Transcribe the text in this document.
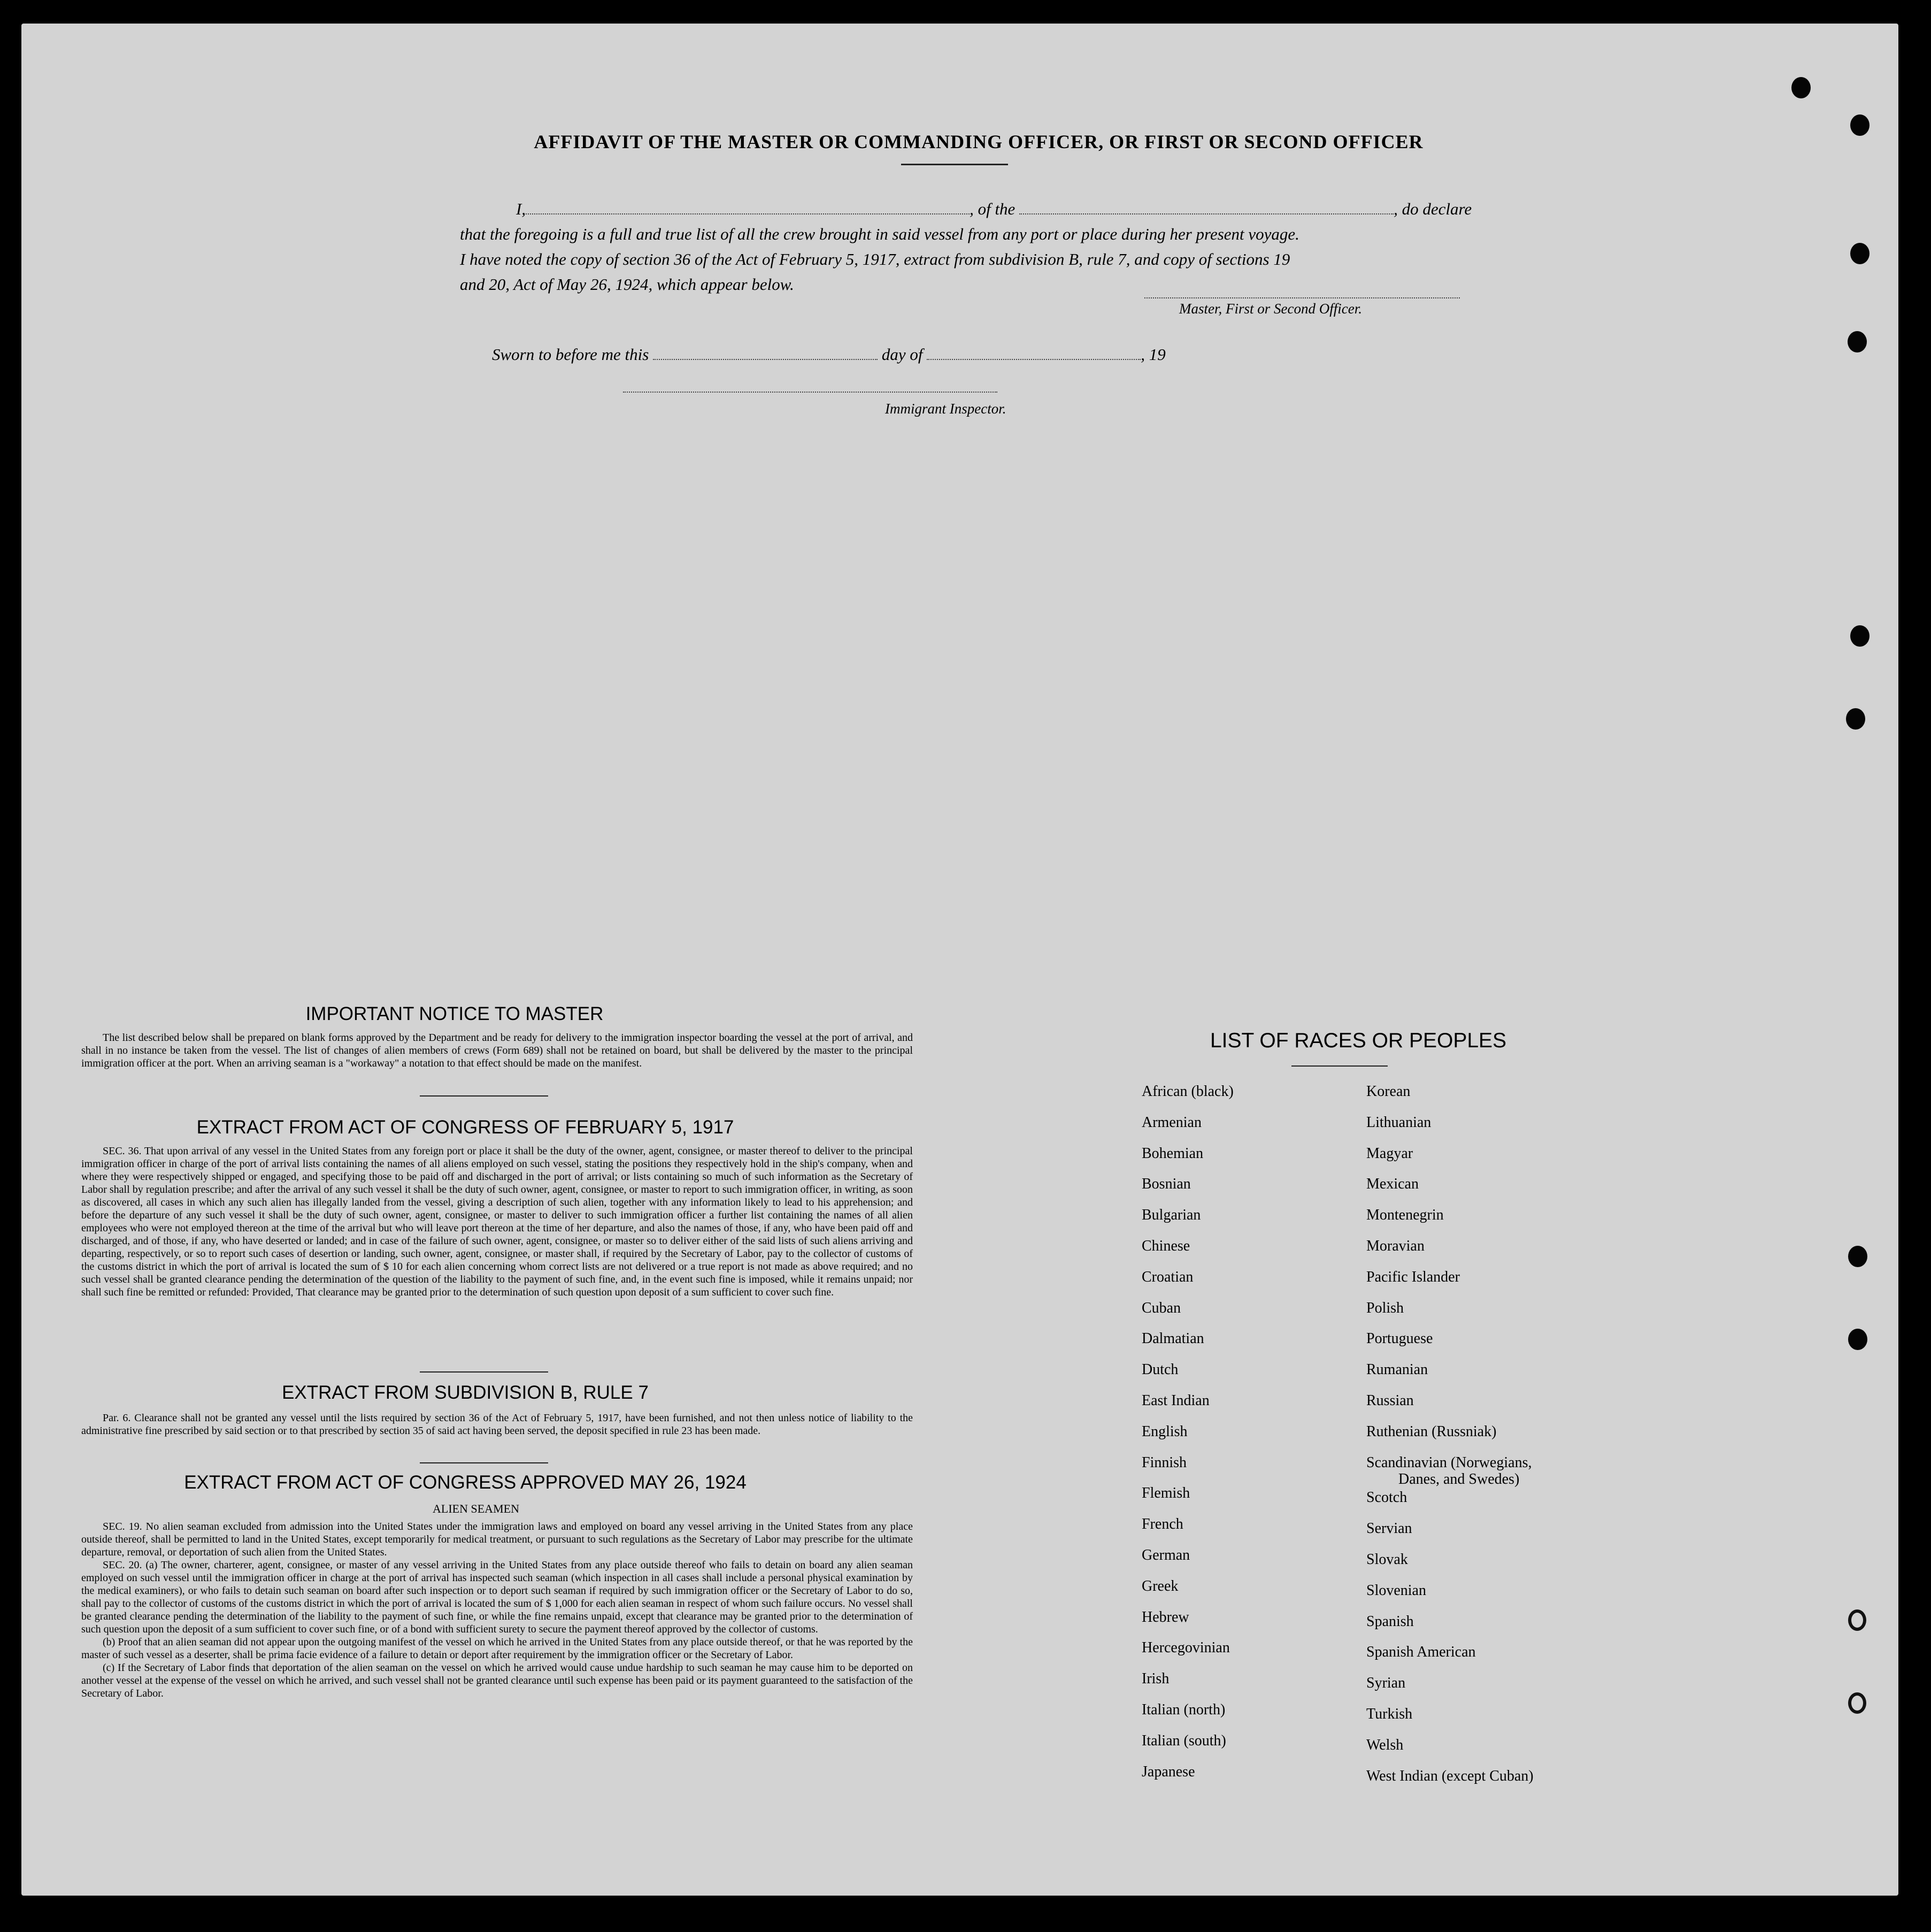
AFFIDAVIT OF THE MASTER OR COMMANDING OFFICER, OR FIRST OR SECOND OFFICER
I,	, of the	, do declare
that the foregoing is a full and true list of all the crew brought in said vessel from any port or place during her present voyage.
I have noted the copy of section 36 of the Act of February 5, 1917, extract from subdivision B, rule 7, and copy of sections 19
and 20, Act of May 26, 1924, which appear below.
Master, First or Second Officer.
Sworn to before me this	day of	, 19
Immigrant Inspector.
IMPORTANT NOTICE TO MASTER

The list described below shall be prepared on blank forms approved by the Department and be ready for delivery to the immigration inspector boarding the vessel at the port of arrival, and shall in no instance be taken from the vessel. The list of changes of alien members of crews (Form 689) shall not be retained on board, but shall be delivered by the master to the principal immigration officer at the port. When an arriving seaman is a "workaway" a notation to that effect should be made on the manifest.

EXTRACT FROM ACT OF CONGRESS OF FEBRUARY 5, 1917

SEC. 36. That upon arrival of any vessel in the United States from any foreign port or place it shall be the duty of the owner, agent, consignee, or master thereof to deliver to the principal immigration officer in charge of the port of arrival lists containing the names of all aliens employed on such vessel, stating the positions they respectively hold in the ship's company, when and where they were respectively shipped or engaged, and specifying those to be paid off and discharged in the port of arrival; or lists containing so much of such information as the Secretary of Labor shall by regulation prescribe; and after the arrival of any such vessel it shall be the duty of such owner, agent, consignee, or master to report to such immigration officer, in writing, as soon as discovered, all cases in which any such alien has illegally landed from the vessel, giving a description of such alien, together with any information likely to lead to his apprehension; and before the departure of any such vessel it shall be the duty of such owner, agent, consignee, or master to deliver to such immigration officer a further list containing the names of all alien employees who were not employed thereon at the time of the arrival but who will leave port thereon at the time of her departure, and also the names of those, if any, who have been paid off and discharged, and of those, if any, who have deserted or landed; and in case of the failure of such owner, agent, consignee, or master so to deliver either of the said lists of such aliens arriving and departing, respectively, or so to report such cases of desertion or landing, such owner, agent, consignee, or master shall, if required by the Secretary of Labor, pay to the collector of customs of the customs district in which the port of arrival is located the sum of $ 10 for each alien concerning whom correct lists are not delivered or a true report is not made as above required; and no such vessel shall be granted clearance pending the determination of the question of the liability to the payment of such fine, and, in the event such fine is imposed, while it remains unpaid; nor shall such fine be remitted or refunded: Provided, That clearance may be granted prior to the determination of such question upon deposit of a sum sufficient to cover such fine.

EXTRACT FROM SUBDIVISION B, RULE 7

Par. 6. Clearance shall not be granted any vessel until the lists required by section 36 of the Act of February 5, 1917, have been furnished, and not then unless notice of liability to the administrative fine prescribed by said section or to that prescribed by section 35 of said act having been served, the deposit specified in rule 23 has been made.

EXTRACT FROM ACT OF CONGRESS APPROVED MAY 26, 1924
ALIEN SEAMEN

SEC. 19. No alien seaman excluded from admission into the United States under the immigration laws and employed on board any vessel arriving in the United States from any place outside thereof, shall be permitted to land in the United States, except temporarily for medical treatment, or pursuant to such regulations as the Secretary of Labor may prescribe for the ultimate departure, removal, or deportation of such alien from the United States.

SEC. 20. (a) The owner, charterer, agent, consignee, or master of any vessel arriving in the United States from any place outside thereof who fails to detain on board any alien seaman employed on such vessel until the immigration officer in charge at the port of arrival has inspected such seaman (which inspection in all cases shall include a personal physical examination by the medical examiners), or who fails to detain such seaman on board after such inspection or to deport such seaman if required by such immigration officer or the Secretary of Labor to do so, shall pay to the collector of customs of the customs district in which the port of arrival is located the sum of $ 1,000 for each alien seaman in respect of whom such failure occurs. No vessel shall be granted clearance pending the determination of the liability to the payment of such fine, or while the fine remains unpaid, except that clearance may be granted prior to the determination of such question upon the deposit of a sum sufficient to cover such fine, or of a bond with sufficient surety to secure the payment thereof approved by the collector of customs.

(b) Proof that an alien seaman did not appear upon the outgoing manifest of the vessel on which he arrived in the United States from any place outside thereof, or that he was reported by the master of such vessel as a deserter, shall be prima facie evidence of a failure to detain or deport after requirement by the immigration officer or the Secretary of Labor.

(c) If the Secretary of Labor finds that deportation of the alien seaman on the vessel on which he arrived would cause undue hardship to such seaman he may cause him to be deported on another vessel at the expense of the vessel on which he arrived, and such vessel shall not be granted clearance until such expense has been paid or its payment guaranteed to the satisfaction of the Secretary of Labor.

LIST OF RACES OR PEOPLES
African (black)
Armenian
Bohemian
Bosnian
Bulgarian
Chinese
Croatian
Cuban
Dalmatian
Dutch
East Indian
English
Finnish
Flemish
French
German
Greek
Hebrew
Hercegovinian
Irish
Italian (north)
Italian (south)
Japanese
Korean
Lithuanian
Magyar
Mexican
Montenegrin
Moravian
Pacific Islander
Polish
Portuguese
Rumanian
Russian
Ruthenian (Russniak)
Scandinavian (Norwegians,
Danes, and Swedes)
Scotch
Servian
Slovak
Slovenian
Spanish
Spanish American
Syrian
Turkish
Welsh
West Indian (except Cuban)
